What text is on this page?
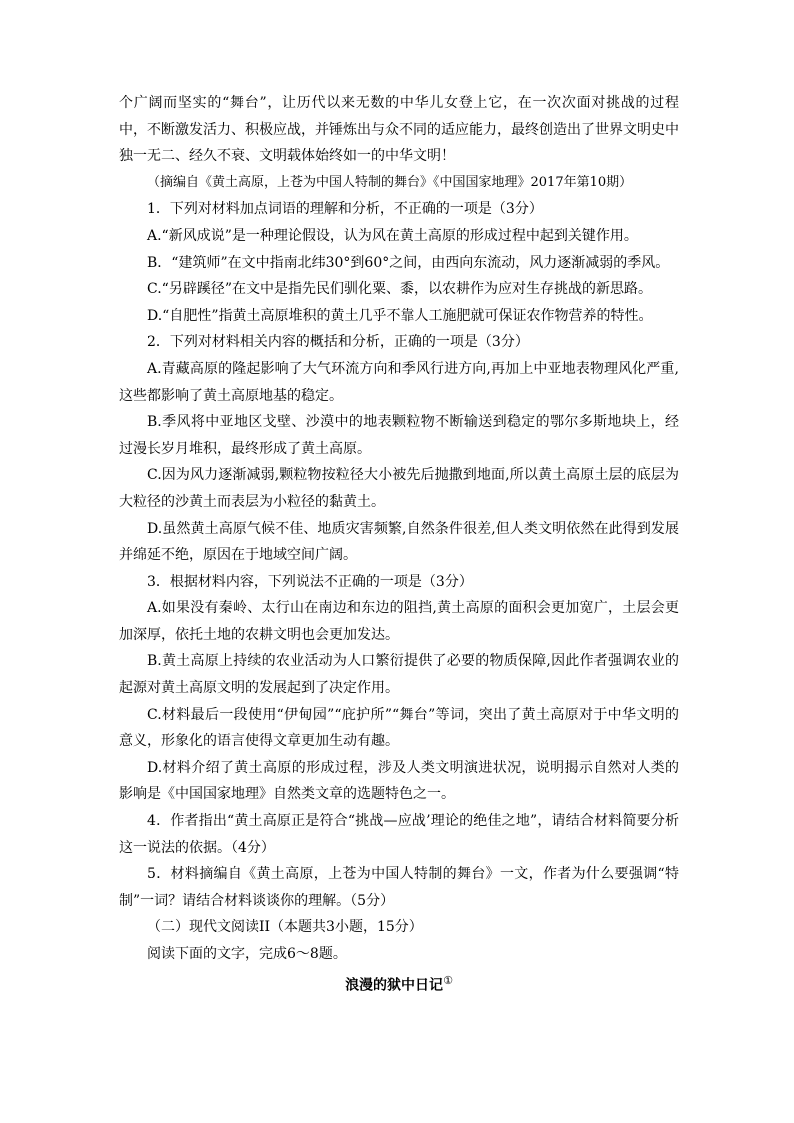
个广阔而坚实的“舞台”，让历代以来无数的中华儿女登上它，在一次次面对挑战的过程中，不断激发活力、积极应战，并锤炼出与众不同的适应能力，最终创造出了世界文明史中独一无二、经久不衰、文明载体始终如一的中华文明！

（摘编自《黄土高原，上苍为中国人特制的舞台》《中国国家地理》2017年第10期）

1．下列对材料加点词语的理解和分析，不正确的一项是（3分）

A.“新风成说”是一种理论假设，认为风在黄土高原的形成过程中起到关键作用。

B．“建筑师”在文中指南北纬30°到60°之间，由西向东流动，风力逐渐减弱的季风。

C.“另辟蹊径”在文中是指先民们驯化粟、黍，以农耕作为应对生存挑战的新思路。

D.“自肥性”指黄土高原堆积的黄土几乎不靠人工施肥就可保证农作物营养的特性。

2．下列对材料相关内容的概括和分析，正确的一项是（3分）

A.青藏高原的隆起影响了大气环流方向和季风行进方向,再加上中亚地表物理风化严重,这些都影响了黄土高原地基的稳定。

B.季风将中亚地区戈壁、沙漠中的地表颗粒物不断输送到稳定的鄂尔多斯地块上，经过漫长岁月堆积，最终形成了黄土高原。

C.因为风力逐渐减弱,颗粒物按粒径大小被先后抛撒到地面,所以黄土高原土层的底层为大粒径的沙黄土而表层为小粒径的黏黄土。

D.虽然黄土高原气候不佳、地质灾害频繁,自然条件很差,但人类文明依然在此得到发展并绵延不绝，原因在于地域空间广阔。

3．根据材料内容，下列说法不正确的一项是（3分）

A.如果没有秦岭、太行山在南边和东边的阻挡,黄土高原的面积会更加宽广，土层会更加深厚，依托土地的农耕文明也会更加发达。

B.黄土高原上持续的农业活动为人口繁衍提供了必要的物质保障,因此作者强调农业的起源对黄土高原文明的发展起到了决定作用。

C.材料最后一段使用“伊甸园”“庇护所”“舞台”等词，突出了黄土高原对于中华文明的意义，形象化的语言使得文章更加生动有趣。

D.材料介绍了黄土高原的形成过程，涉及人类文明演进状况，说明揭示自然对人类的影响是《中国国家地理》自然类文章的选题特色之一。

4．作者指出“黄土高原正是符合“挑战—应战’理论的绝佳之地”，请结合材料简要分析这一说法的依据。（4分）

5．材料摘编自《黄土高原，上苍为中国人特制的舞台》一文，作者为什么要强调“特制”一词？请结合材料谈谈你的理解。（5分）

（二）现代文阅读II（本题共3小题，15分）

阅读下面的文字，完成6～8题。

浪漫的狱中日记①
